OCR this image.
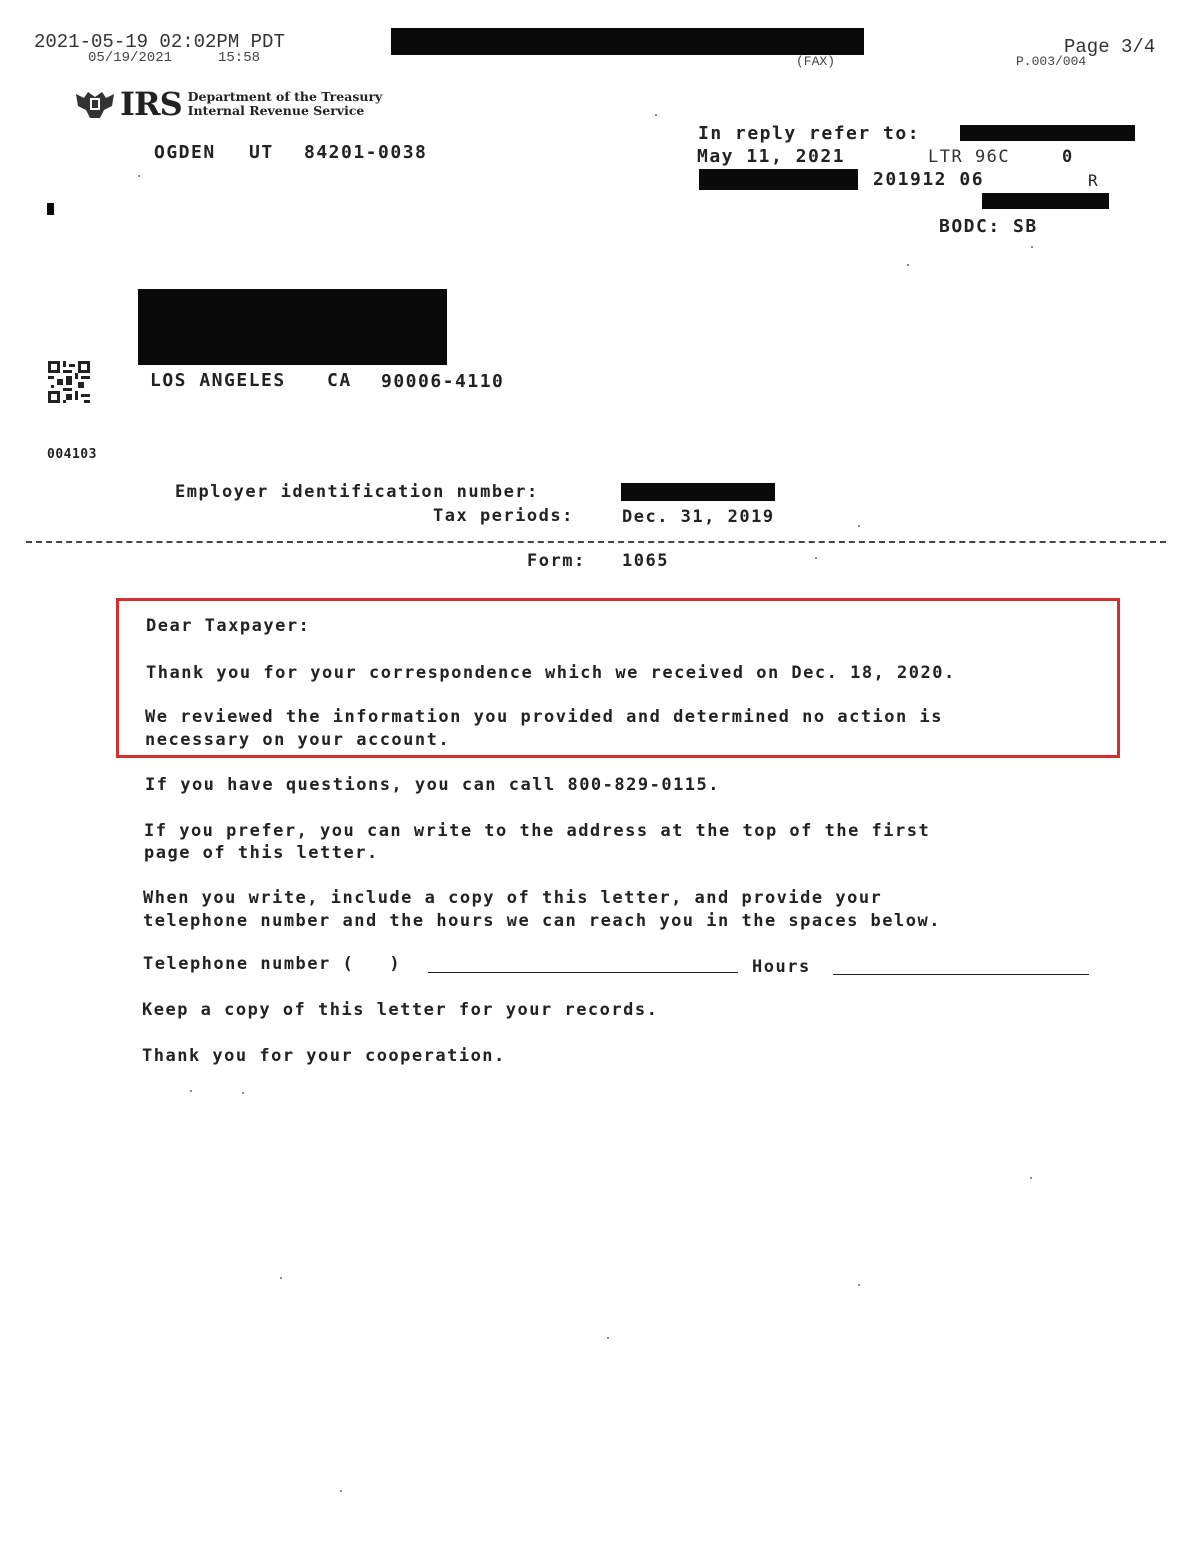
2021-05-19 02:02PM PDT
05/19/2021	15:58	(FAX)
Page 3/4
P.003/004
IRS Department of the Treasury
Internal Revenue Service
OGDEN UT 84201-0038
In reply refer to:
May 11, 2021	LTR 96C	0
201912 06	R
BODC: SB
LOS ANGELES CA 90006-4110
004103
Employer identification number:
Tax periods:	Dec. 31, 2019
Form: 1065
Dear Taxpayer:
Thank you for your correspondence which we received on Dec. 18, 2020.
We reviewed the information you provided and determined no action is
necessary on your account.
If you have questions, you can call 800-829-0115.
If you prefer, you can write to the address at the top of the first
page of this letter.
When you write, include a copy of this letter, and provide your
telephone number and the hours we can reach you in the spaces below.
Telephone number (   )	Hours
Keep a copy of this letter for your records.
Thank you for your cooperation.
